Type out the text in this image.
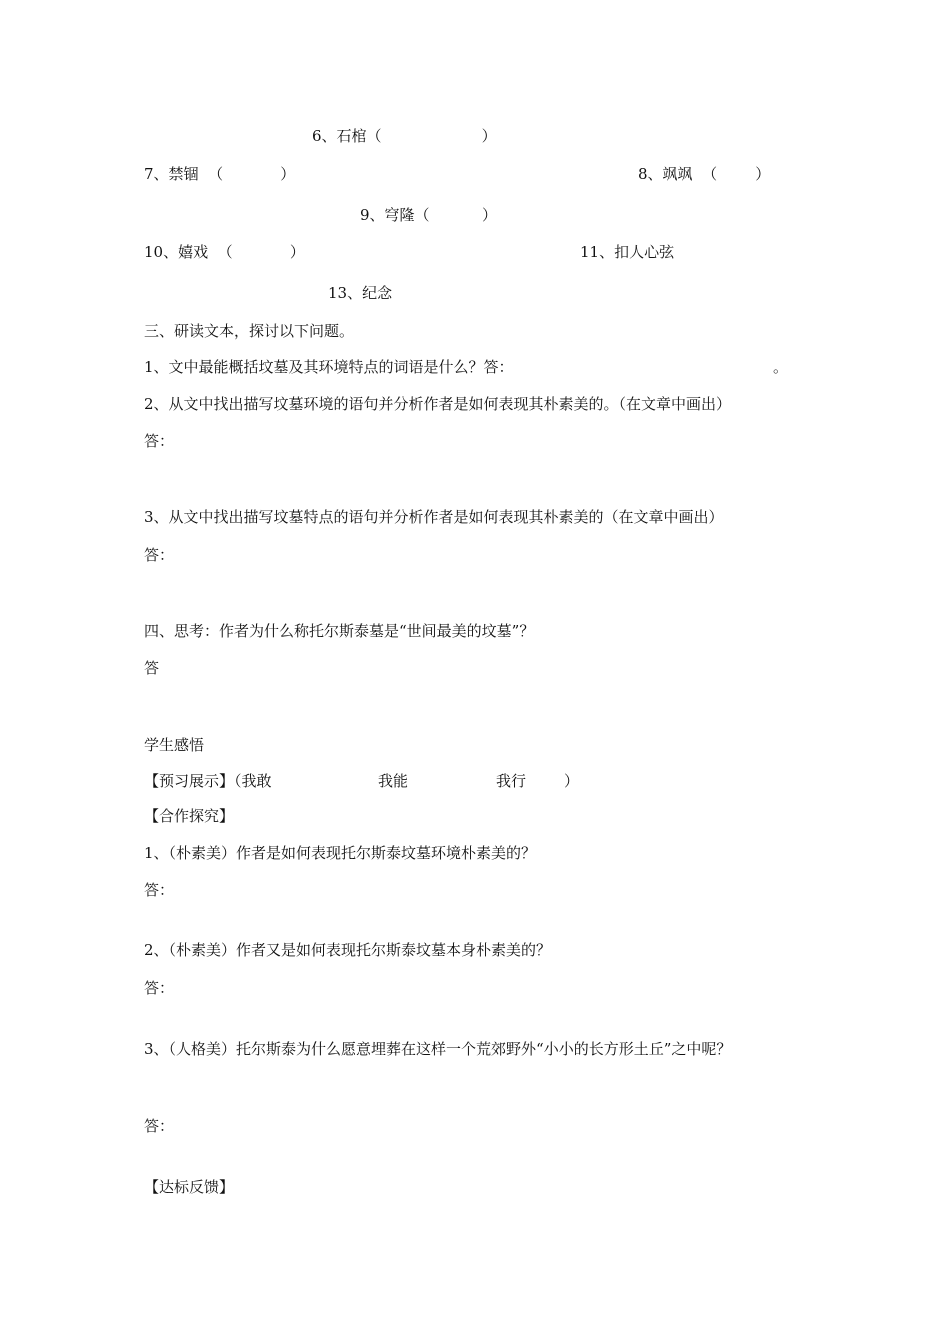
6、石棺（                     ）
7、禁锢  （            ）	8、飒飒  （        ）
9、穹隆（           ）
10、嬉戏  （            ）	11、扣人心弦
13、纪念
三、研读文本，探讨以下问题。
1、文中最能概括坟墓及其环境特点的词语是什么？答：	。
2、从文中找出描写坟墓环境的语句并分析作者是如何表现其朴素美的。（在文章中画出）
答：
3、从文中找出描写坟墓特点的语句并分析作者是如何表现其朴素美的（在文章中画出）
答：
四、思考：作者为什么称托尔斯泰墓是“世间最美的坟墓”？
答
学生感悟
【预习展示】（我敢	我能	我行	）
【合作探究】
1、（朴素美）作者是如何表现托尔斯泰坟墓环境朴素美的？
答：
2、（朴素美）作者又是如何表现托尔斯泰坟墓本身朴素美的？
答：
3、（人格美）托尔斯泰为什么愿意埋葬在这样一个荒郊野外“小小的长方形土丘”之中呢？
答：
【达标反馈】
